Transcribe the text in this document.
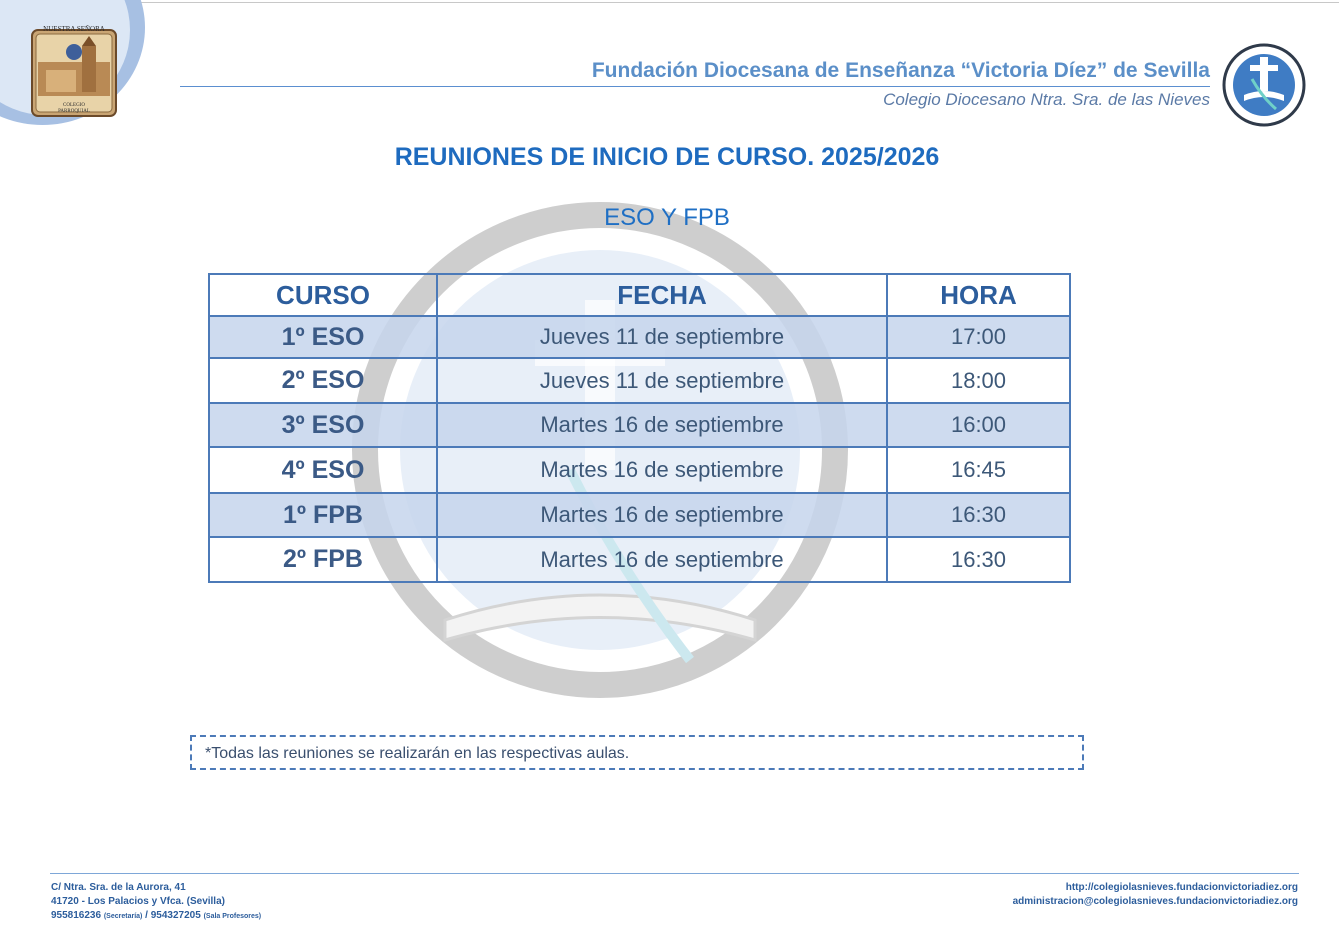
NUESTRA SEÑORA
COLEGIO
PARROQUIAL
Fundación Diocesana de Enseñanza “Victoria Díez” de Sevilla
Colegio Diocesano Ntra. Sra. de las Nieves
REUNIONES DE INICIO DE CURSO. 2025/2026
ESO Y FPB
CURSO	FECHA	HORA
1º ESO	Jueves 11 de septiembre	17:00
2º ESO	Jueves 11 de septiembre	18:00
3º ESO	Martes 16 de septiembre	16:00
4º ESO	Martes 16 de septiembre	16:45
1º FPB	Martes 16 de septiembre	16:30
2º FPB	Martes 16 de septiembre	16:30
*Todas las reuniones se realizarán en las respectivas aulas.
C/ Ntra. Sra. de la Aurora, 41
41720 - Los Palacios y Vfca. (Sevilla)
955816236 (Secretaría) / 954327205 (Sala Profesores)
http://colegiolasnieves.fundacionvictoriadiez.org
administracion@colegiolasnieves.fundacionvictoriadiez.org
